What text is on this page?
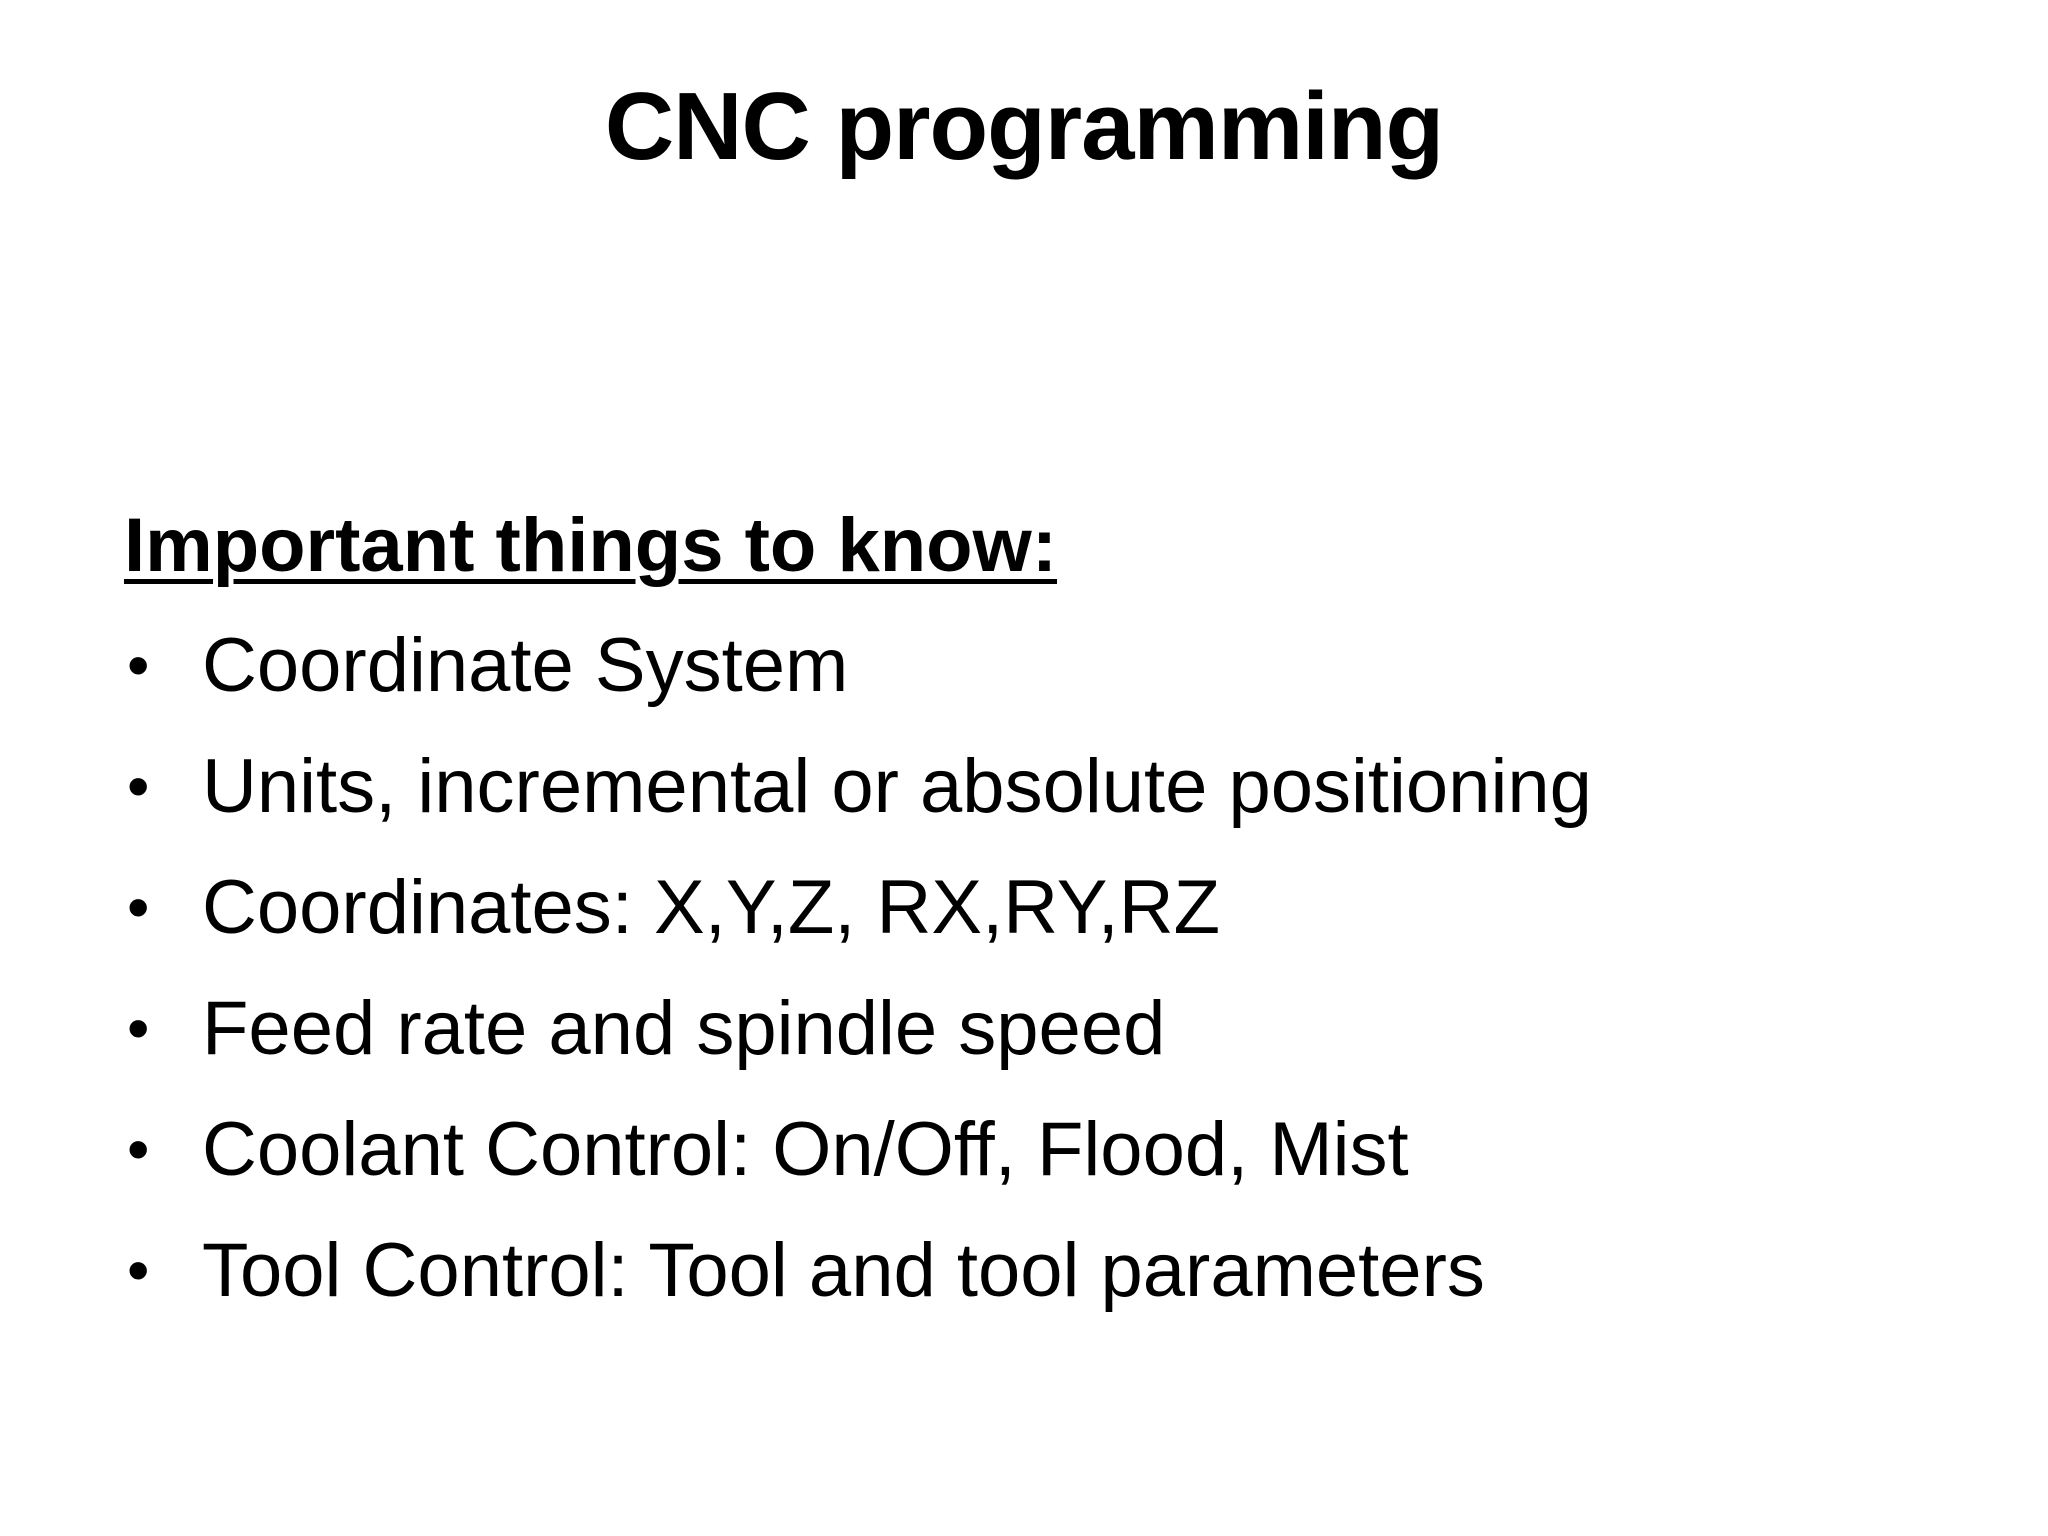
CNC programming
Important things to know:
• Coordinate System
• Units, incremental or absolute positioning
• Coordinates: X,Y,Z, RX,RY,RZ
• Feed rate and spindle speed
• Coolant Control: On/Off, Flood, Mist
• Tool Control: Tool and tool parameters
